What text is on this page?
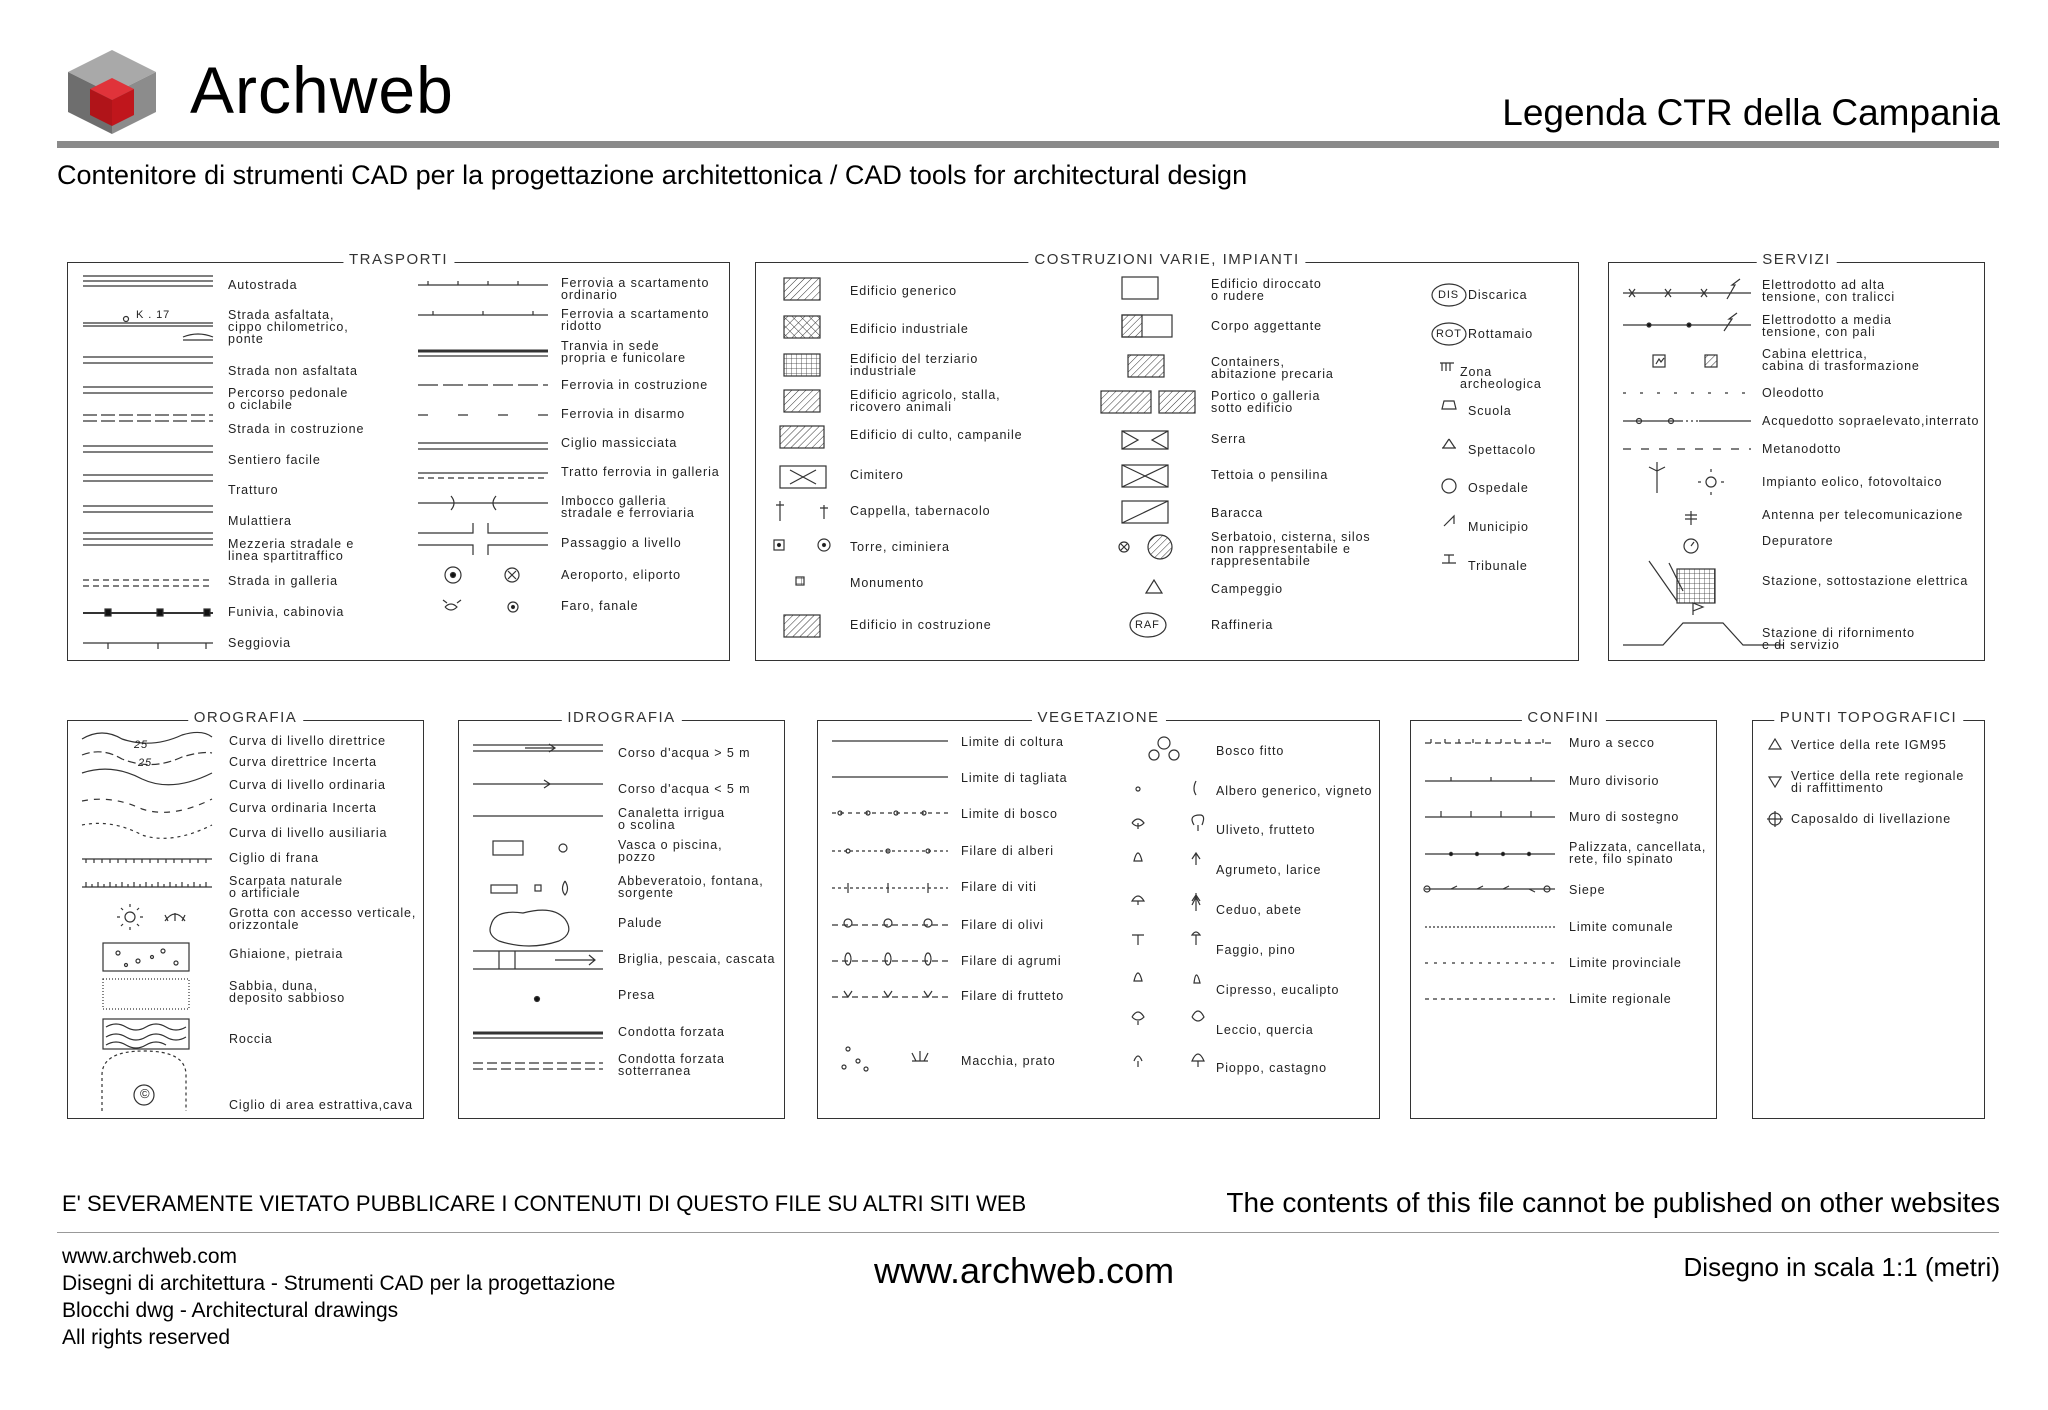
Archweb	Legenda CTR della Campania
Contenitore di strumenti CAD per la progettazione architettonica / CAD tools for architectural design
TRASPORTI
Autostrada
K . 17	Strada asfaltata,
cippo chilometrico,
ponte
Strada non asfaltata
Percorso pedonale
o ciclabile
Strada in costruzione
Sentiero facile
Tratturo
Mulattiera
Mezzeria stradale e
linea spartitraffico
Strada in galleria
Funivia, cabinovia
Seggiovia
Ferrovia a scartamento
ordinario
Ferrovia a scartamento
ridotto
Tranvia in sede
propria e funicolare
Ferrovia in costruzione
Ferrovia in disarmo
Ciglio massicciata
Tratto ferrovia in galleria
Imbocco galleria
stradale e ferroviaria
Passaggio a livello
Aeroporto, eliporto
Faro, fanale
COSTRUZIONI VARIE, IMPIANTI
Edificio generico
Edificio industriale
Edificio del terziario
industriale
Edificio agricolo, stalla,
ricovero animali
Edificio di culto, campanile
Cimitero
Cappella, tabernacolo
Torre, ciminiera
Monumento
Edificio in costruzione
Edificio diroccato
o rudere
Corpo aggettante
Containers,
abitazione precaria
Portico o galleria
sotto edificio
Serra
Tettoia o pensilina
Baracca
Serbatoio, cisterna, silos
non rappresentabile e
rappresentabile
Campeggio
Raffineria
DIS
ROT
RAF
Discarica
Rottamaio
Zona archeologica
Scuola
Spettacolo
Ospedale
Municipio
Tribunale
SERVIZI
Elettrodotto ad alta
tensione, con tralicci
Elettrodotto a media
tensione, con pali
Cabina elettrica,
cabina di trasformazione
Oleodotto
Acquedotto sopraelevato,interrato
Metanodotto
Impianto eolico, fotovoltaico
Antenna per telecomunicazione
Depuratore
Stazione, sottostazione elettrica
Stazione di rifornimento
e di servizio
OROGRAFIA
25
25
©
Curva di livello direttrice
Curva direttrice Incerta
Curva di livello ordinaria
Curva ordinaria Incerta
Curva di livello ausiliaria
Ciglio di frana
Scarpata naturale
o artificiale
Grotta con accesso verticale,
orizzontale
Ghiaione, pietraia
Sabbia, duna,
deposito sabbioso
Roccia
Ciglio di area estrattiva,cava
IDROGRAFIA
Corso d'acqua > 5 m
Corso d'acqua < 5 m
Canaletta irrigua
o scolina
Vasca o piscina,
pozzo
Abbeveratoio, fontana,
sorgente
Palude
Briglia, pescaia, cascata
Presa
Condotta forzata
Condotta forzata
sotterranea
VEGETAZIONE
Limite di coltura
Limite di tagliata
Limite di bosco
Filare di alberi
Filare di viti
Filare di olivi
Filare di agrumi
Filare di frutteto
Macchia, prato
Bosco fitto
Albero generico, vigneto
Uliveto, frutteto
Agrumeto, larice
Ceduo, abete
Faggio, pino
Cipresso, eucalipto
Leccio, quercia
Pioppo, castagno
CONFINI
Muro a secco
Muro divisorio
Muro di sostegno
Palizzata, cancellata,
rete, filo spinato
Siepe
Limite comunale
Limite provinciale
Limite regionale
PUNTI TOPOGRAFICI
Vertice della rete IGM95
Vertice della rete regionale
di raffittimento
Caposaldo di livellazione
E' SEVERAMENTE VIETATO PUBBLICARE I CONTENUTI DI QUESTO FILE SU ALTRI SITI WEB	The contents of this file cannot be published on other websites
www.archweb.com
Disegni di architettura - Strumenti CAD per la progettazione
Blocchi dwg - Architectural drawings
All rights reserved
www.archweb.com	Disegno in scala 1:1 (metri)
